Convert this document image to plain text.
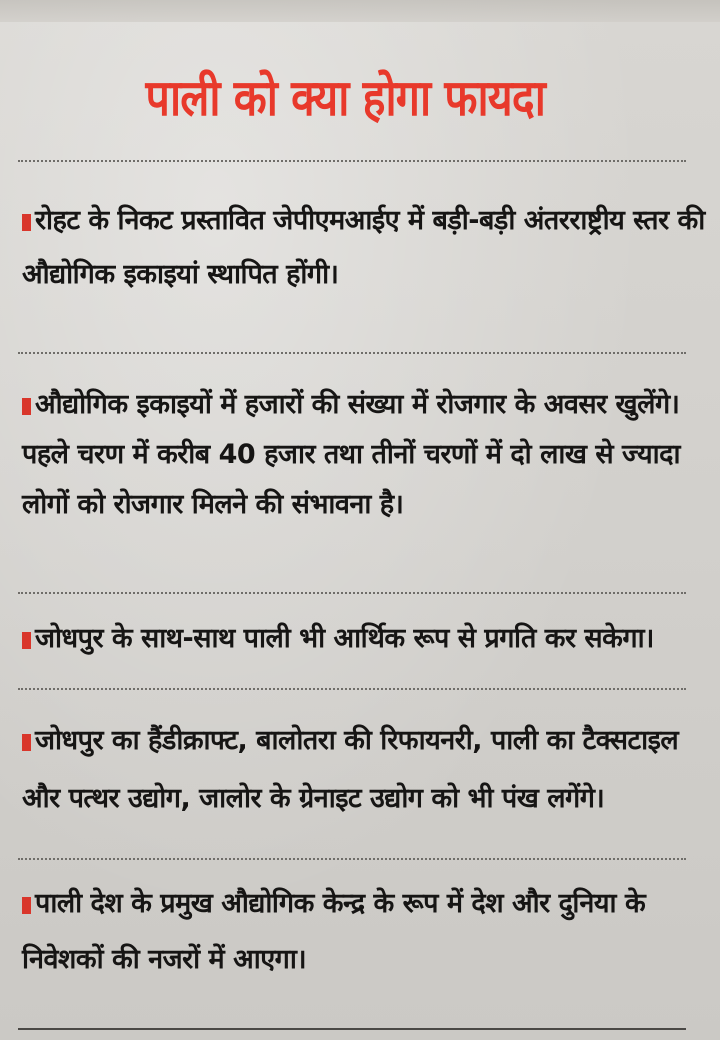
पाली को क्या होगा फायदा
रोहट के निकट प्रस्तावित जेपीएमआईए में बड़ी-बड़ी अंतरराष्ट्रीय स्तर की औद्योगिक इकाइयां स्थापित होंगी।
औद्योगिक इकाइयों में हजारों की संख्या में रोजगार के अवसर खुलेंगे। पहले चरण में करीब 40 हजार तथा तीनों चरणों में दो लाख से ज्यादा लोगों को रोजगार मिलने की संभावना है।
जोधपुर के साथ-साथ पाली भी आर्थिक रूप से प्रगति कर सकेगा।
जोधपुर का हैंडीक्राफ्ट, बालोतरा की रिफायनरी, पाली का टैक्सटाइल और पत्थर उद्योग, जालोर के ग्रेनाइट उद्योग को भी पंख लगेंगे।
पाली देश के प्रमुख औद्योगिक केन्द्र के रूप में देश और दुनिया के निवेशकों की नजरों में आएगा।
